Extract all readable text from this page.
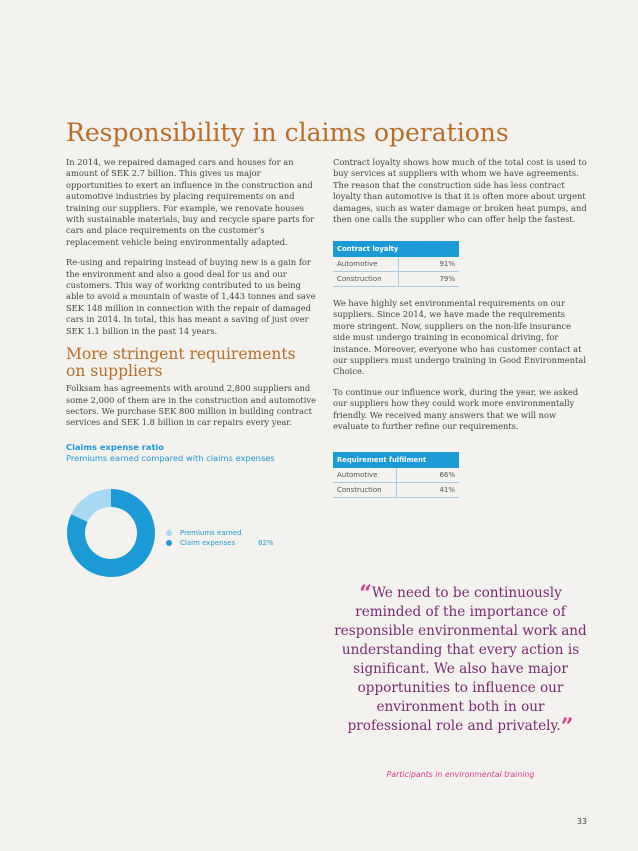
Responsibility in claims operations

In 2014, we repaired damaged cars and houses for an amount of SEK 2.7 billion. This gives us major opportunities to exert an influence in the construction and automotive industries by placing requirements on and training our suppliers. For example, we renovate houses with sustainable materials, buy and recycle spare parts for cars and place requirements on the customer’s replacement vehicle being environmentally adapted.

Re-using and repairing instead of buying new is a gain for the environment and also a good deal for us and our customers. This way of working contributed to us being able to avoid a mountain of waste of 1,443 tonnes and save SEK 148 million in connection with the repair of damaged cars in 2014. In total, this has meant a saving of just over SEK 1.1 billion in the past 14 years.

More stringent requirements on suppliers

Folksam has agreements with around 2,800 suppliers and some 2,000 of them are in the construction and automotive sectors. We purchase SEK 800 million in building contract services and SEK 1.8 billion in car repairs every year.

Claims expense ratio
Premiums earned compared with claims expenses
Premiums earned
Claim expenses	82%

Contract loyalty shows how much of the total cost is used to buy services at suppliers with whom we have agreements. The reason that the construction side has less contract loyalty than automotive is that it is often more about urgent damages, such as water damage or broken heat pumps, and then one calls the supplier who can offer help the fastest.

Contract loyalty	
Automotive	91%
Construction	79%

We have highly set environmental requirements on our suppliers. Since 2014, we have made the requirements more stringent. Now, suppliers on the non-life insurance side must undergo training in economical driving, for instance. Moreover, everyone who has customer contact at our suppliers must undergo training in Good Environmental Choice.

To continue our influence work, during the year, we asked our suppliers how they could work more environmentally friendly. We received many answers that we will now evaluate to further refine our requirements.

Requirement fulfilment	
Automotive	66%
Construction	41%
“We need to be continuously reminded of the importance of responsible environmental work and understanding that every action is significant. We also have major opportunities to influence our environment both in our professional role and privately.”
Participants in environmental training
33
